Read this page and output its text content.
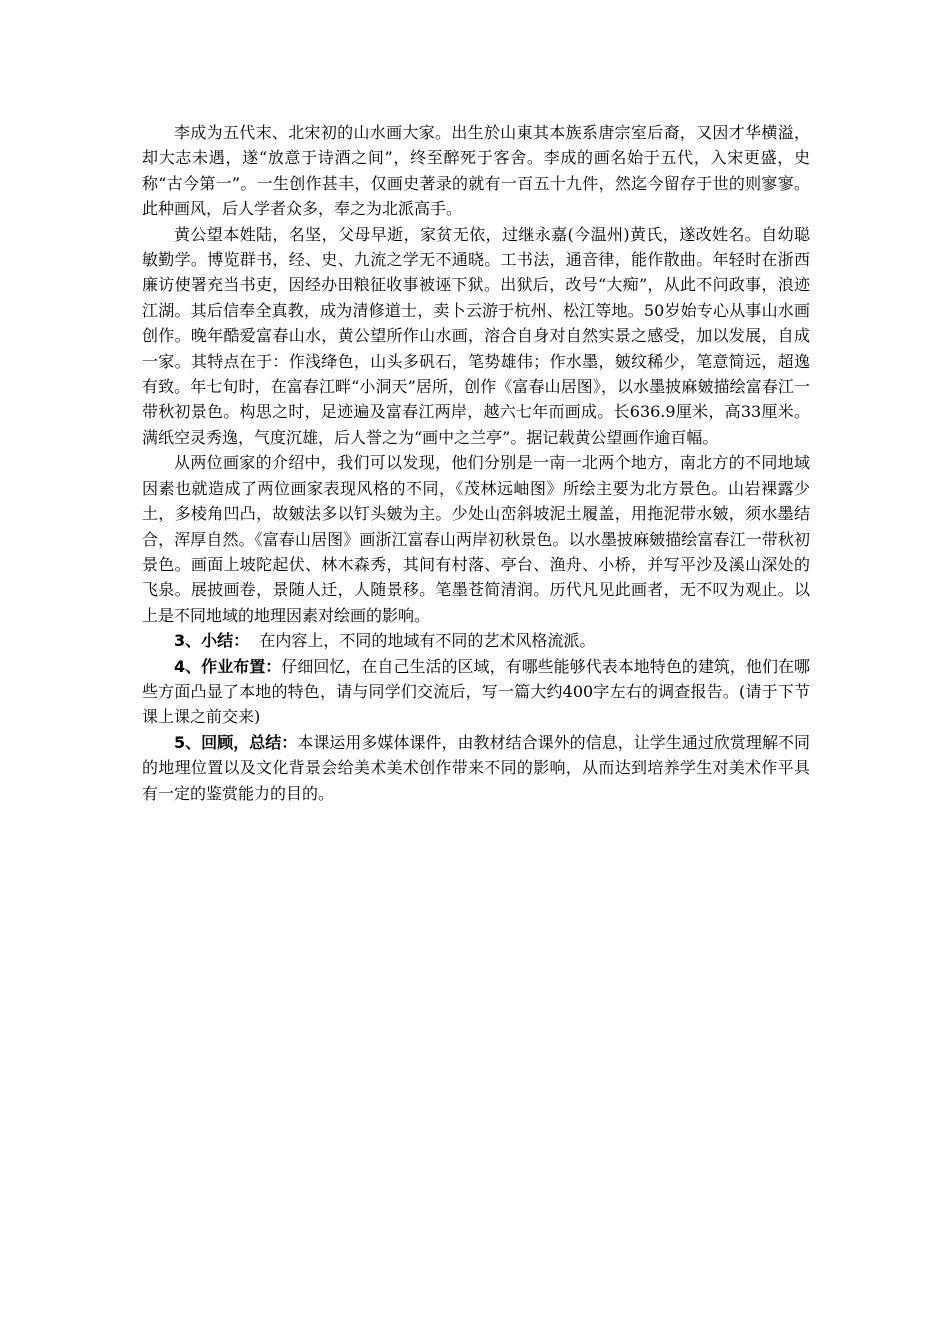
李成为五代末、北宋初的山水画大家。出生於山東其本族系唐宗室后裔，又因才华横溢，却大志未遇，遂“放意于诗酒之间”，终至醉死于客舍。李成的画名始于五代，入宋更盛，史称“古今第一”。一生创作甚丰，仅画史著录的就有一百五十九件，然迄今留存于世的则寥寥。此种画风，后人学者众多，奉之为北派高手。

黄公望本姓陆，名坚，父母早逝，家贫无依，过继永嘉(今温州)黄氏，遂改姓名。自幼聪敏勤学。博览群书，经、史、九流之学无不通晓。工书法，通音律，能作散曲。年轻时在浙西廉访使署充当书吏，因经办田粮征收事被诬下狱。出狱后，改号“大痴”，从此不问政事，浪迹江湖。其后信奉全真教，成为清修道士，卖卜云游于杭州、松江等地。50岁始专心从事山水画创作。晚年酷爱富春山水，黄公望所作山水画，溶合自身对自然实景之感受，加以发展，自成一家。其特点在于：作浅绛色，山头多矾石，笔势雄伟；作水墨，皴纹稀少，笔意简远，超逸有致。年七旬时，在富春江畔“小洞天”居所，创作《富春山居图》，以水墨披麻皴描绘富春江一带秋初景色。构思之时，足迹遍及富春江两岸，越六七年而画成。长636.9厘米，高33厘米。满纸空灵秀逸，气度沉雄，后人誉之为“画中之兰亭”。据记载黄公望画作逾百幅。

从两位画家的介绍中，我们可以发现，他们分别是一南一北两个地方，南北方的不同地域因素也就造成了两位画家表现风格的不同，《茂林远岫图》所绘主要为北方景色。山岩裸露少土，多棱角凹凸，故皴法多以钉头皴为主。少处山峦斜坡泥土履盖，用拖泥带水皴，须水墨结合，浑厚自然。《富春山居图》画浙江富春山两岸初秋景色。以水墨披麻皴描绘富春江一带秋初景色。画面上坡陀起伏、林木森秀，其间有村落、亭台、渔舟、小桥，并写平沙及溪山深处的飞泉。展披画卷，景随人迁，人随景移。笔墨苍简清润。历代凡见此画者，无不叹为观止。以上是不同地域的地理因素对绘画的影响。

3、小结：  在内容上，不同的地域有不同的艺术风格流派。

4、作业布置：仔细回忆，在自己生活的区域，有哪些能够代表本地特色的建筑，他们在哪些方面凸显了本地的特色，请与同学们交流后，写一篇大约400字左右的调查报告。(请于下节课上课之前交来)

5、回顾，总结：本课运用多媒体课件，由教材结合课外的信息，让学生通过欣赏理解不同的地理位置以及文化背景会给美术美术创作带来不同的影响，从而达到培养学生对美术作平具有一定的鉴赏能力的目的。
